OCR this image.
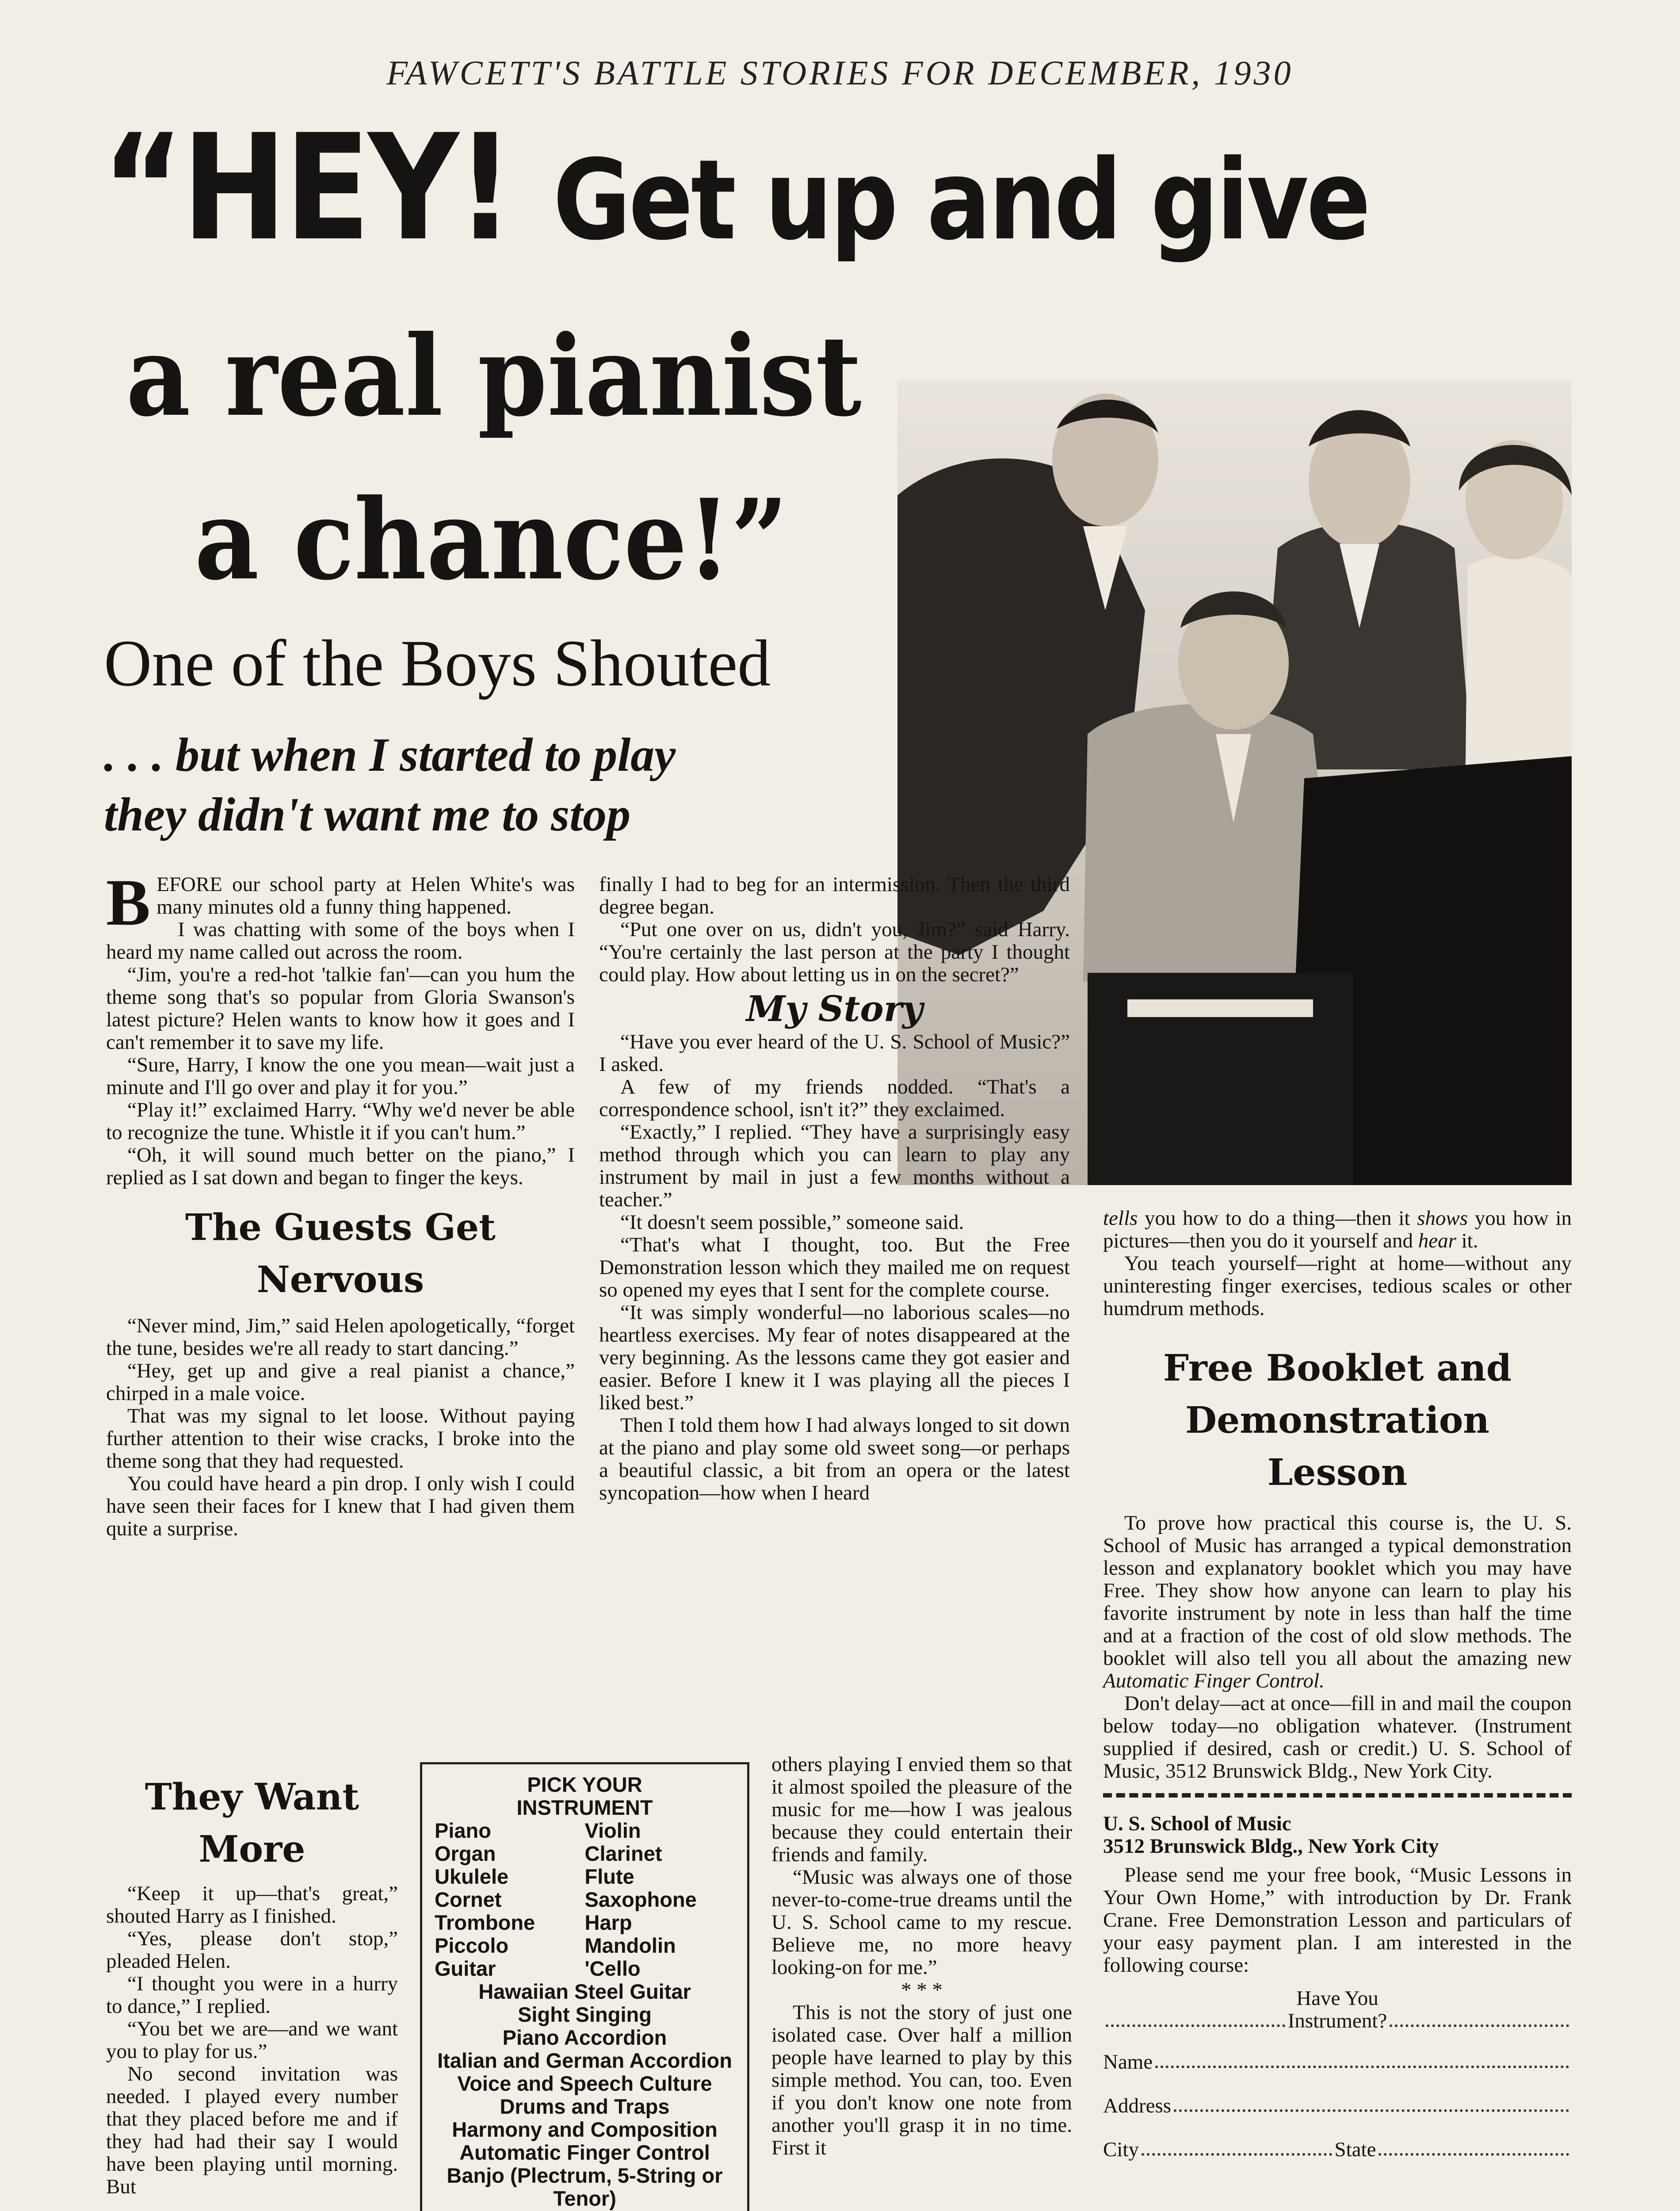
FAWCETT'S BATTLE STORIES FOR DECEMBER, 1930
“HEY! Get up and give
a real pianist
a chance!”
One of the Boys Shouted
. . . but when I started to play
they didn't want me to stop

BEFORE our school party at Helen White's was many minutes old a funny thing happened.

I was chatting with some of the boys when I heard my name called out across the room.

“Jim, you're a red-hot 'talkie fan'—can you hum the theme song that's so popular from Gloria Swanson's latest picture? Helen wants to know how it goes and I can't remember it to save my life.

“Sure, Harry, I know the one you mean—wait just a minute and I'll go over and play it for you.”

“Play it!” exclaimed Harry. “Why we'd never be able to recognize the tune. Whistle it if you can't hum.”

“Oh, it will sound much better on the piano,” I replied as I sat down and began to finger the keys.

The Guests Get Nervous

“Never mind, Jim,” said Helen apologetically, “forget the tune, besides we're all ready to start dancing.”

“Hey, get up and give a real pianist a chance,” chirped in a male voice.

That was my signal to let loose. Without paying further attention to their wise cracks, I broke into the theme song that they had requested.

You could have heard a pin drop. I only wish I could have seen their faces for I knew that I had given them quite a surprise.

They Want More

“Keep it up—that's great,” shouted Harry as I finished.

“Yes, please don't stop,” pleaded Helen.

“I thought you were in a hurry to dance,” I replied.

“You bet we are—and we want you to play for us.”

No second invitation was needed. I played every number that they placed before me and if they had had their say I would have been playing until morning. But

PICK YOUR
INSTRUMENT
Piano	Violin
Organ	Clarinet
Ukulele	Flute
Cornet	Saxophone
Trombone	Harp
Piccolo	Mandolin
Guitar	'Cello
Hawaiian Steel Guitar
Sight Singing
Piano Accordion
Italian and German Accordion
Voice and Speech Culture
Drums and Traps
Harmony and Composition
Automatic Finger Control
Banjo (Plectrum, 5-String or Tenor)

finally I had to beg for an intermission. Then the third degree began.

“Put one over on us, didn't you, Jim?” said Harry. “You're certainly the last person at the party I thought could play. How about letting us in on the secret?”

My Story

“Have you ever heard of the U. S. School of Music?” I asked.

A few of my friends nodded. “That's a correspondence school, isn't it?” they exclaimed.

“Exactly,” I replied. “They have a surprisingly easy method through which you can learn to play any instrument by mail in just a few months without a teacher.”

“It doesn't seem possible,” someone said.

“That's what I thought, too. But the Free Demonstration lesson which they mailed me on request so opened my eyes that I sent for the complete course.

“It was simply wonderful—no laborious scales—no heartless exercises. My fear of notes disappeared at the very beginning. As the lessons came they got easier and easier. Before I knew it I was playing all the pieces I liked best.”

Then I told them how I had always longed to sit down at the piano and play some old sweet song—or perhaps a beautiful classic, a bit from an opera or the latest syncopation—how when I heard

others playing I envied them so that it almost spoiled the pleasure of the music for me—how I was jealous because they could entertain their friends and family.

“Music was always one of those never-to-come-true dreams until the U. S. School came to my rescue. Believe me, no more heavy looking-on for me.”

* * *

This is not the story of just one isolated case. Over half a million people have learned to play by this simple method. You can, too. Even if you don't know one note from another you'll grasp it in no time. First it

tells you how to do a thing—then it shows you how in pictures—then you do it yourself and hear it.

You teach yourself—right at home—without any uninteresting finger exercises, tedious scales or other humdrum methods.

Free Booklet and Demonstration Lesson

To prove how practical this course is, the U. S. School of Music has arranged a typical demonstration lesson and explanatory booklet which you may have Free. They show how anyone can learn to play his favorite instrument by note in less than half the time and at a fraction of the cost of old slow methods. The booklet will also tell you all about the amazing new Automatic Finger Control.

Don't delay—act at once—fill in and mail the coupon below today—no obligation whatever. (Instrument supplied if desired, cash or credit.) U. S. School of Music, 3512 Brunswick Bldg., New York City.

U. S. School of Music
3512 Brunswick Bldg., New York City

Please send me your free book, “Music Lessons in Your Own Home,” with introduction by Dr. Frank Crane. Free Demonstration Lesson and particulars of your easy payment plan. I am interested in the following course:

Have You
Instrument?
Name
Address
City	State
